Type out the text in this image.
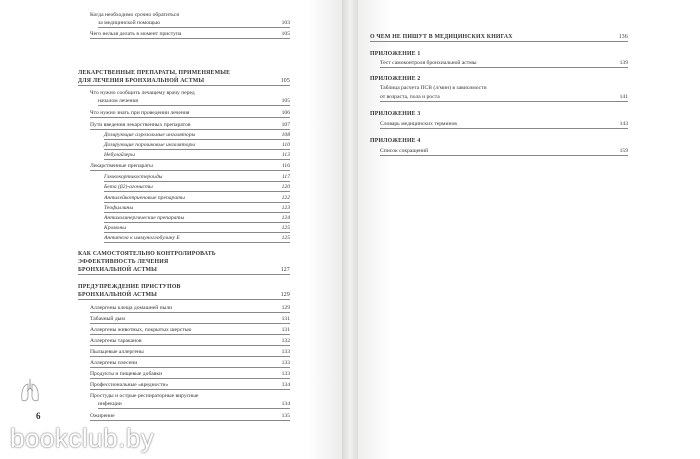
Когда необходимо срочно обратиться
за медицинской помощью	103
Чего нельзя делать в момент приступа	105
ЛЕКАРСТВЕННЫЕ ПРЕПАРАТЫ, ПРИМЕНЯЕМЫЕ
ДЛЯ ЛЕЧЕНИЯ БРОНХИАЛЬНОЙ АСТМЫ	105
Что нужно сообщить лечащему врачу перед
началом лечения	105
Что нужно знать при проведении лечения	106
Пути введения лекарственных препаратов	107
Дозирующие аэрозольные ингаляторы	108
Дозирующие порошковые ингаляторы	110
Небулайзеры	113
Лекарственные препараты	116
Глюкокортикостероиды	117
Бета (β2)-агонисты	120
Антилейкотриеновые препараты	122
Теофиллины	123
Антихолинергические препараты	124
Кромоны	125
Антитела к иммуноглобулину Е	125
КАК САМОСТОЯТЕЛЬНО КОНТРОЛИРОВАТЬ
ЭФФЕКТИВНОСТЬ ЛЕЧЕНИЯ
БРОНХИАЛЬНОЙ АСТМЫ	127
ПРЕДУПРЕЖДЕНИЕ ПРИСТУПОВ
БРОНХИАЛЬНОЙ АСТМЫ	129
Аллергены клеща домашней пыли	129
Табачный дым	131
Аллергены животных, покрытых шерстью	131
Аллергены тараканов	132
Пыльцевые аллергены	133
Аллергены плесени	133
Продукты и пищевые добавки	133
Профессиональные «вредности»	134
Простуды и острые респираторные вирусные
инфекции	134
Ожирение	135
6
О ЧЕМ НЕ ПИШУТ В МЕДИЦИНСКИХ КНИГАХ	136
ПРИЛОЖЕНИЕ 1
Тест самоконтроля бронхиальной астмы	139
ПРИЛОЖЕНИЕ 2
Таблица расчета ПСВ (л/мин) в зависимости
от возраста, пола и роста	141
ПРИЛОЖЕНИЕ 3
Словарь медицинских терминов	143
ПРИЛОЖЕНИЕ 4
Список сокращений	159
bookclub.by
